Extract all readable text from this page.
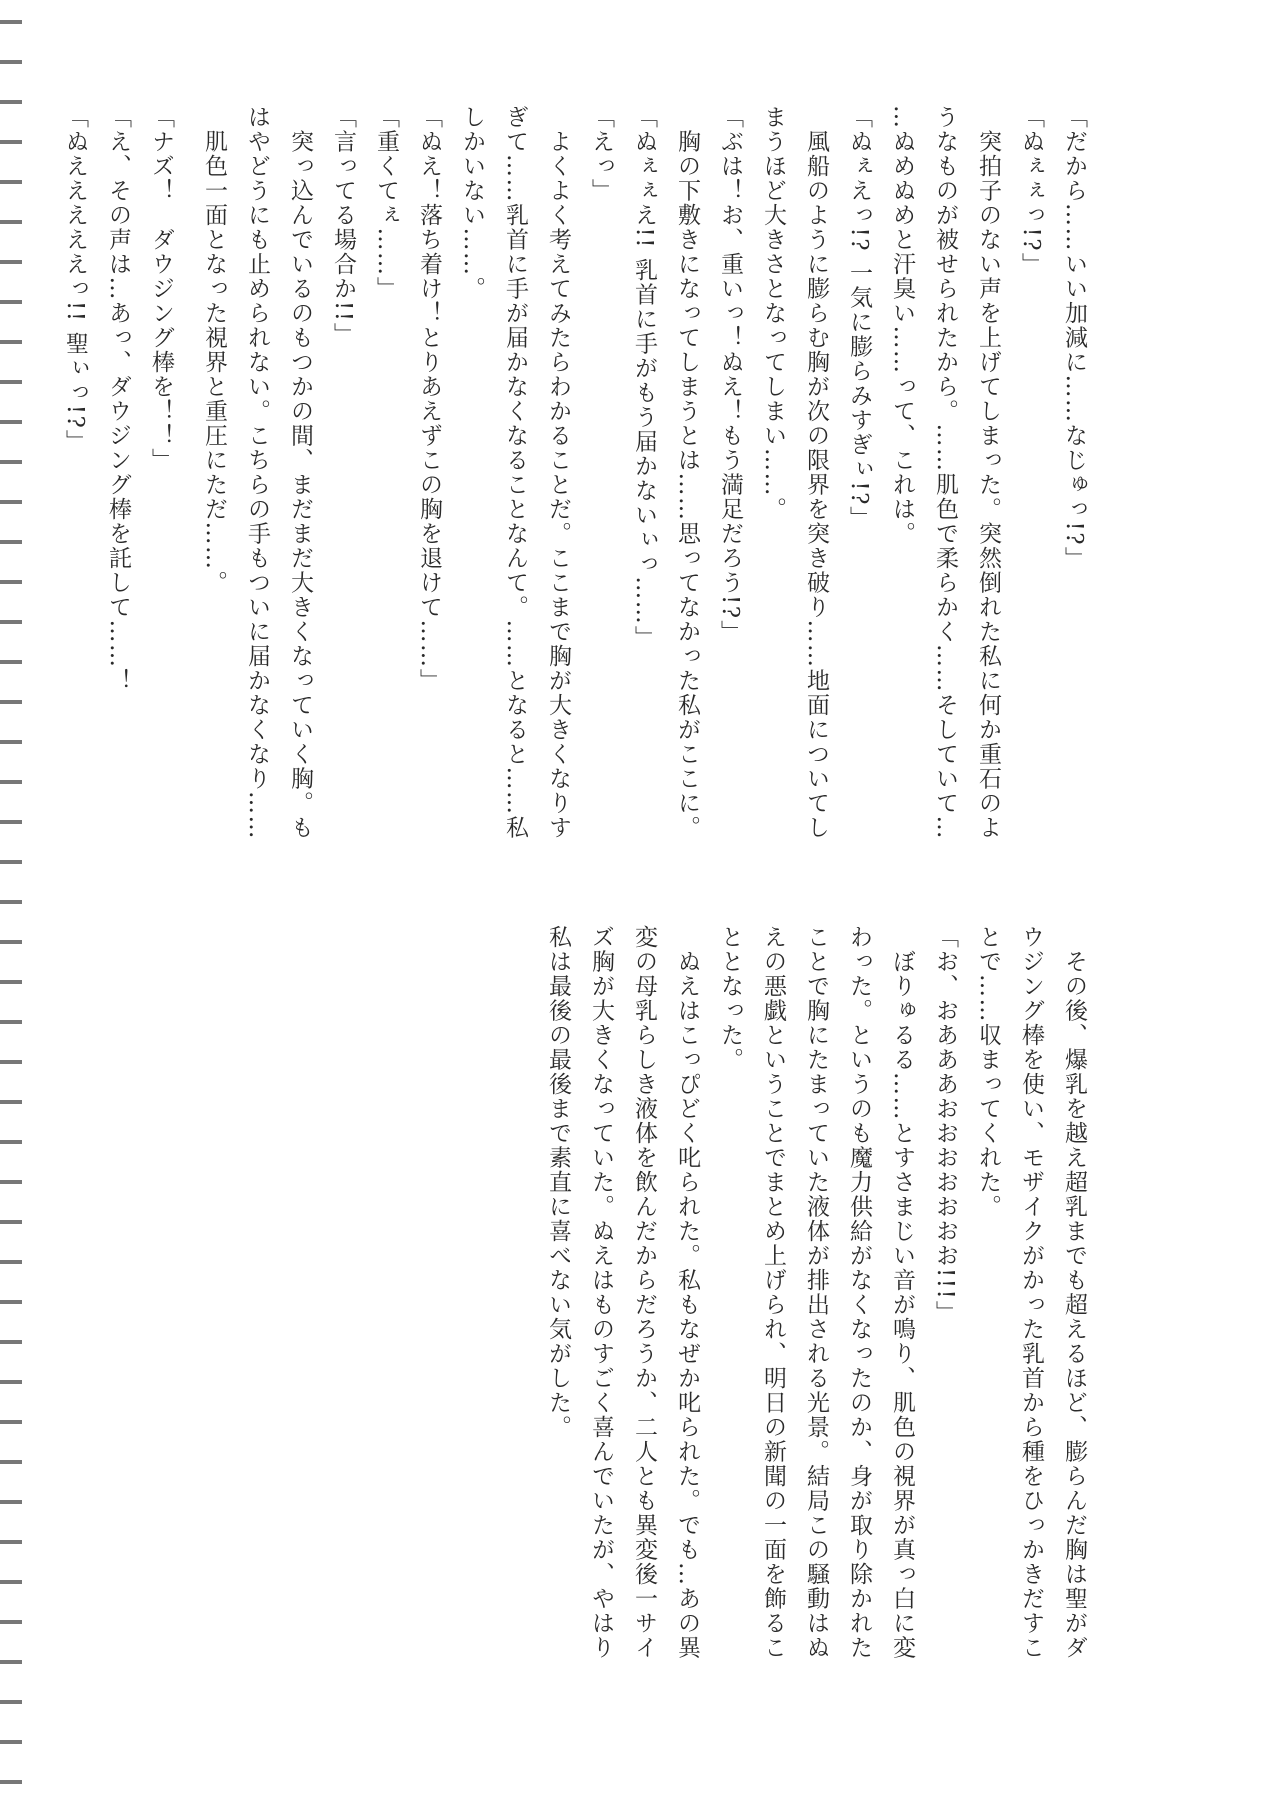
「だから……いい加減に……なじゅっ!?」
「ぬぇぇっ!?」
　突拍子のない声を上げてしまった。突然倒れた私に何か重石のよ
うなものが被せられたから。……肌色で柔らかく……そしていて…
…ぬめぬめと汗臭い……って、これは。
「ぬぇえっ!? 一気に膨らみすぎぃ!?」
　風船のように膨らむ胸が次の限界を突き破り……地面についてし
まうほど大きさとなってしまい……。
「ぶは！お、重いっ！ぬえ！もう満足だろう!?」
　胸の下敷きになってしまうとは……思ってなかった私がここに。
「ぬぇぇえ!! 乳首に手がもう届かないぃっ……」
「えっ」
　よくよく考えてみたらわかることだ。ここまで胸が大きくなりす
ぎて……乳首に手が届かなくなることなんて。……となると……私
しかいない……。
「ぬえ！落ち着け！とりあえずこの胸を退けて……」
「重くてぇ……」
「言ってる場合か!!」
　突っ込んでいるのもつかの間、まだまだ大きくなっていく胸。も
はやどうにも止められない。こちらの手もついに届かなくなり……
　肌色一面となった視界と重圧にただ……。
「ナズ！　ダウジング棒を！！」
「え、その声は…あっ、ダウジング棒を託して……！
「ぬえええええっ!! 聖ぃっ!?」
　その後、爆乳を越え超乳までも超えるほど、膨らんだ胸は聖がダ
ウジング棒を使い、モザイクがかった乳首から種をひっかきだすこ
とで……収まってくれた。
「お、おあああおおおおおおお!!!」
　ぼりゅるる……とすさまじい音が鳴り、肌色の視界が真っ白に変
わった。というのも魔力供給がなくなったのか、身が取り除かれた
ことで胸にたまっていた液体が排出される光景。結局この騒動はぬ
えの悪戯ということでまとめ上げられ、明日の新聞の一面を飾るこ
ととなった。
　ぬえはこっぴどく叱られた。私もなぜか叱られた。でも…あの異
変の母乳らしき液体を飲んだからだろうか、二人とも異変後一サイ
ズ胸が大きくなっていた。ぬえはものすごく喜んでいたが、やはり
私は最後の最後まで素直に喜べない気がした。
